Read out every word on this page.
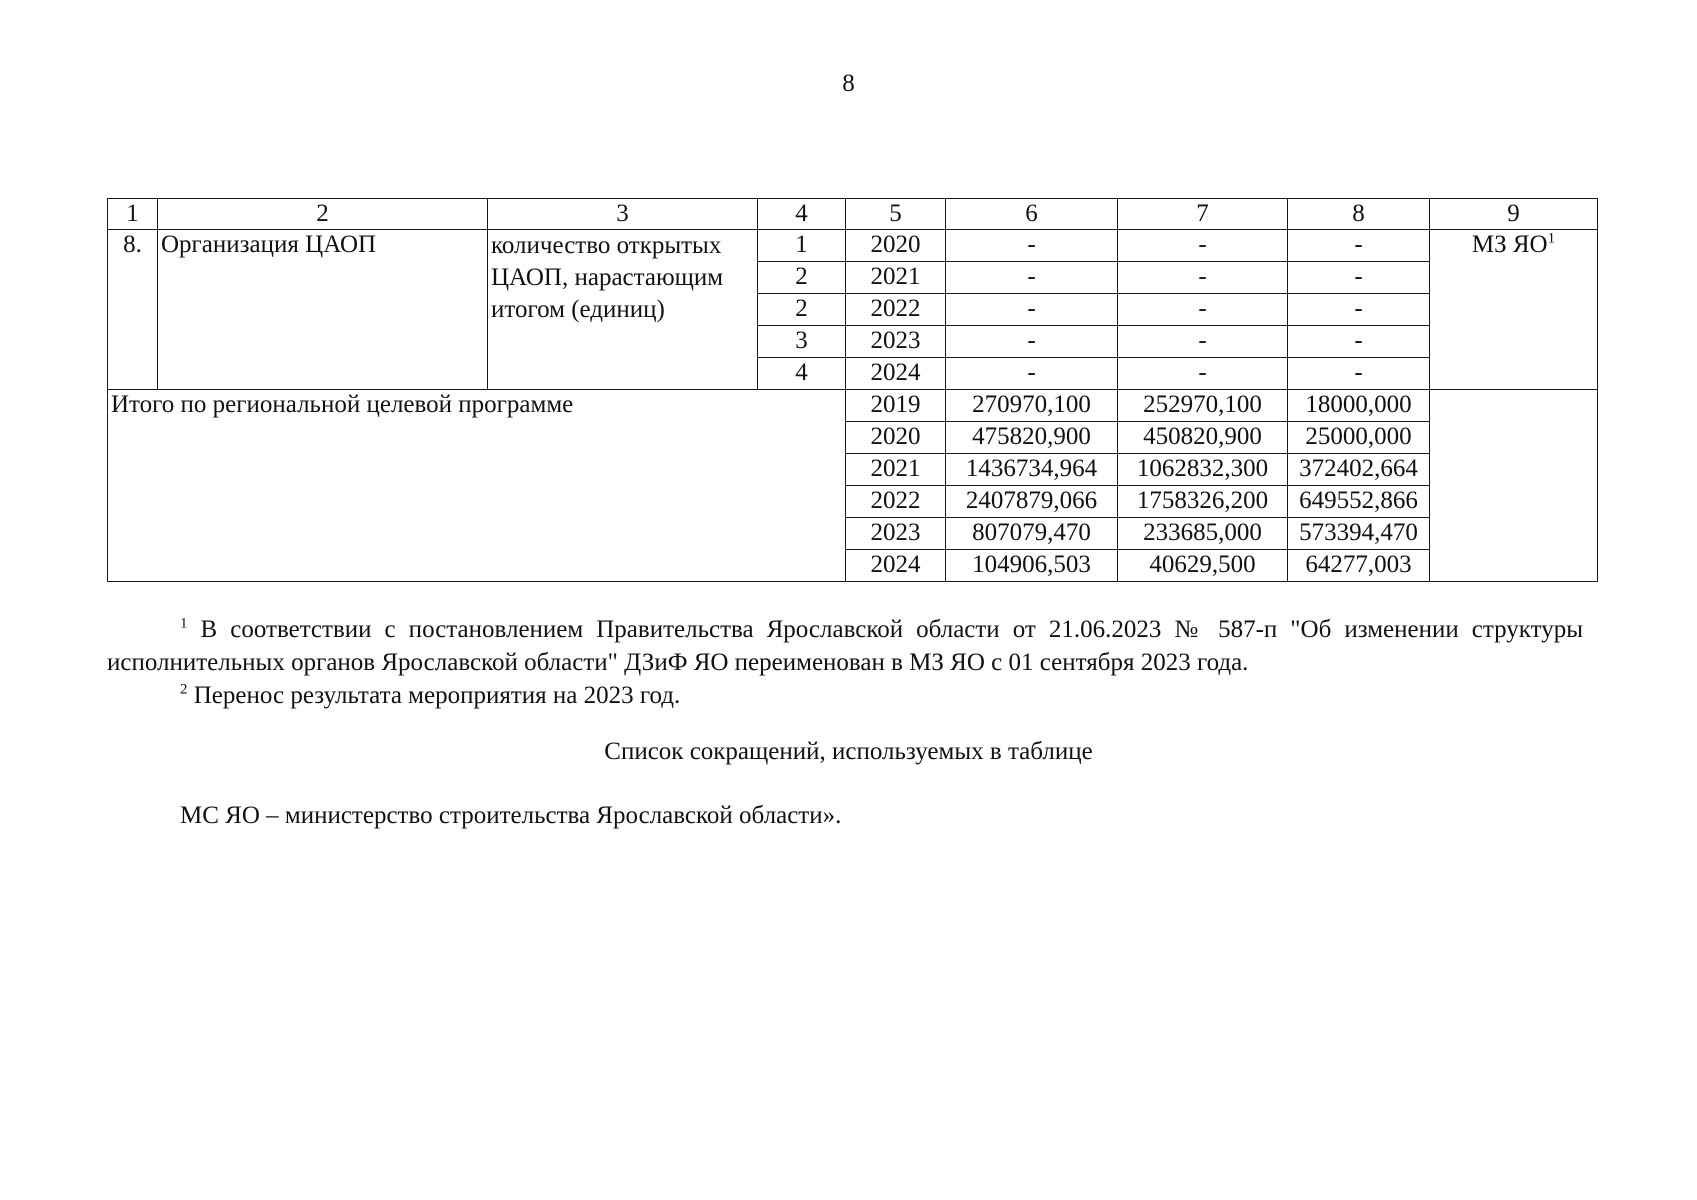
8
1	2	3	4	5	6	7	8	9
8.	Организация ЦАОП	количество открытых ЦАОП, нарастающим итогом (единиц)	1	2020	-	-	-	МЗ $ЯО^1$
			2	2021	-	-	-	
			2	2022	-	-	-	
			3	2023	-	-	-	
			4	2024	-	-	-	
Итого по региональной целевой программе				2019	270970,100	252970,100	18000,000	
				2020	475820,900	450820,900	25000,000	
				2021	1436734,964	1062832,300	372402,664	
				2022	2407879,066	1758326,200	649552,866	
				2023	807079,470	233685,000	573394,470	
				2024	104906,503	40629,500	64277,003	
$^1$ В соответствии с постановлением Правительства Ярославской области от 21.06.2023 № 587-п "Об изменении структуры исполнительных органов Ярославской области" ДЗиФ ЯО переименован в МЗ ЯО с 01 сентября 2023 года.
$^2$ Перенос результата мероприятия на 2023 год.
Список сокращений, используемых в таблице
МС ЯО – министерство строительства Ярославской области».
